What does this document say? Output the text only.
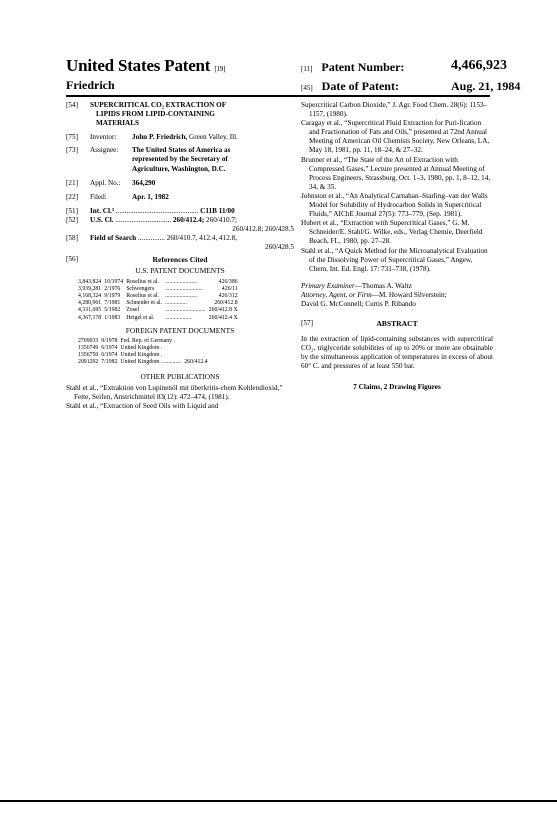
United States Patent [19]
Friedrich
[11] Patent Number:	4,466,923
[45] Date of Patent:	Aug. 21, 1984
[54] SUPERCRITICAL CO₂ EXTRACTION OF
LIPIDS FROM LIPID-CONTAINING
MATERIALS
[75] Inventor: John P. Friedrich, Green Valley, Ill.
[73] Assignee: The United States of America as
represented by the Secretary of
Agriculture, Washington, D.C.
[21] Appl. No.: 364,290
[22] Filed:	Apr. 1, 1982
[51] Int. Cl.³ .............................................. C11B 11/00
[52] U.S. Cl. ............................... 260/412.4; 260/410.7;
260/412.8; 260/428.5
[58] Field of Search ............... 260/410.7, 412.4, 412.8,
260/428.5
[56]	References Cited
U.S. PATENT DOCUMENTS
3,843,824	10/1974	Roselius et al.	......................	426/386
3,939,281	2/1976	Schwengers	..........................	426/11
4,168,324	9/1979	Roselius et al.	......................	426/312
4,280,961	7/1981	Schneider et al.	...............	260/412.8
4,331,695	5/1982	Zosel	............................	260/412.8 X
4,367,178	1/1983	Heigel et al.	..................	260/412.4 X
FOREIGN PATENT DOCUMENTS
2709033	9/1978	Fed. Rep. of Germany .	
1356749	6/1974	United Kingdom .	
1356750	6/1974	United Kingdom .	
2091292	7/1982	United Kingdom ..............	260/412.4
OTHER PUBLICATIONS
Stahl et al., “Extraktion von Lupinenöl mit überkritis-chem Kohlendioxid,” Fette, Seifen, Anstrichmittel 83(12): 472–474, (1981).
Stahl et al., “Extraction of Seed Oils with Liquid and
Supercritical Carbon Dioxide,” J. Agr. Food Chem. 28(6): 1153–1157, (1980).
Caragay et al., “Supercritical Fluid Extraction for Puri-fication and Fractionation of Fats and Oils,” presented at 72nd Annual Meeting of American Oil Chemists Society, New Orleans, LA, May 18, 1981, pp. 11, 18–24, & 27–32.
Brunner et al., “The State of the Art of Extraction with Compressed Gases,” Lecture presented at Annual Meeting of Process Engineers, Strassburg, Oct. 1–3, 1980, pp. 1, 8–12, 14, 34, & 35.
Johnston et al., “An Analytical Carnahan–Starling–van der Walls Model for Solubility of Hydrocarbon Solids in Supercritical Fluids,” AIChE Journal 27(5): 773–779, (Sep. 1981).
Hubert et al., “Extraction with Supercritical Gases,” G. M. Schneider/E. Stahl/G. Wilke, eds., Verlag Chemie, Deerfield Beach, FL, 1980, pp. 27–28.
Stahl et al., “A Quick Method for the Microanalytical Evaluation of the Dissolving Power of Supercritical Gases,” Angew, Chem. Int. Ed. Engl. 17: 731–738, (1978).
Primary Examiner—Thomas A. Waltz
Attorney, Agent, or Firm—M. Howard Silverstein;
David G. McConnell; Curtis P. Ribando
[57]	ABSTRACT
In the extraction of lipid-containing substances with supercritical CO₂, triglyceride solubilities of up to 20% or more are obtainable by the simultaneous application of temperatures in excess of about 60° C. and pressures of at least 550 bar.
7 Claims, 2 Drawing Figures
